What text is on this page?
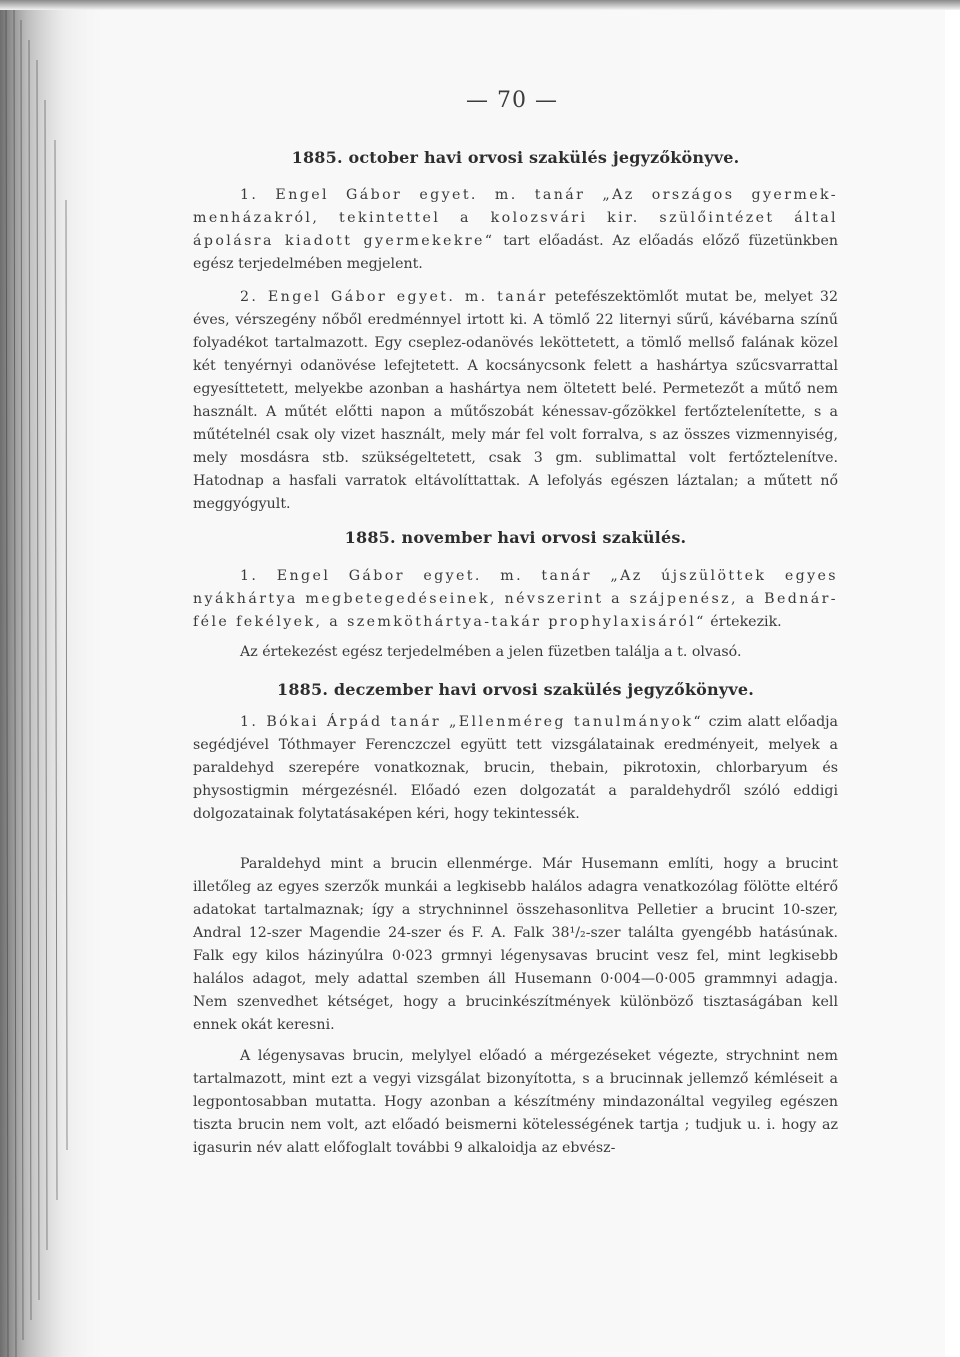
— 70 —
1885. october havi orvosi szakülés jegyzőkönyve.

1. Engel Gábor egyet. m. tanár „Az országos gyermek-menházakról, tekintettel a kolozsvári kir. szülőintézet által ápolásra kiadott gyermekekre“ tart előadást. Az előadás előző füzetünkben egész terjedelmében megjelent.

2. Engel Gábor egyet. m. tanár petefészektömlőt mutat be, melyet 32 éves, vérszegény nőből eredménnyel irtott ki. A tömlő 22 liternyi sűrű, kávébarna színű folyadékot tartalmazott. Egy cseplez-odanövés leköttetett, a tömlő mellső falának közel két tenyérnyi odanövése lefejtetett. A kocsánycsonk felett a hashártya szűcsvarrattal egyesíttetett, melyekbe azonban a hashártya nem öltetett belé. Permetezőt a műtő nem használt. A műtét előtti napon a műtőszobát kénessav-gőzökkel fertőztelenítette, s a műtételnél csak oly vizet használt, mely már fel volt forralva, s az összes vizmennyiség, mely mosdásra stb. szükségeltetett, csak 3 gm. sublimattal volt fertőztelenítve. Hatodnap a hasfali varratok eltávolíttattak. A lefolyás egészen láztalan; a műtett nő meggyógyult.

1885. november havi orvosi szakülés.

1. Engel Gábor egyet. m. tanár „Az újszülöttek egyes nyákhártya megbetegedéseinek, névszerint a szájpenész, a Bednár-féle fekélyek, a szemköthártya-takár prophylaxisáról“ értekezik.

Az értekezést egész terjedelmében a jelen füzetben találja a t. olvasó.

1885. deczember havi orvosi szakülés jegyzőkönyve.

1. Bókai Árpád tanár „Ellenméreg tanulmányok“ czim alatt előadja segédjével Tóthmayer Ferenczczel együtt tett vizsgálatainak eredményeit, melyek a paraldehyd szerepére vonatkoznak, brucin, thebain, pikrotoxin, chlorbaryum és physostigmin mérgezésnél. Előadó ezen dolgozatát a paraldehydről szóló eddigi dolgozatainak folytatásaképen kéri, hogy tekintessék.

Paraldehyd mint a brucin ellenmérge. Már Husemann említi, hogy a brucint illetőleg az egyes szerzők munkái a legkisebb halálos adagra venatkozólag fölötte eltérő adatokat tartalmaznak; így a strychninnel összehasonlitva Pelletier a brucint 10-szer, Andral 12-szer Magendie 24-szer és F. A. Falk 38¹/₂-szer találta gyengébb hatásúnak. Falk egy kilos házinyúlra 0·023 grmnyi légenysavas brucint vesz fel, mint legkisebb halálos adagot, mely adattal szemben áll Husemann 0·004—0·005 grammnyi adagja. Nem szenvedhet kétséget, hogy a brucinkészítmények különböző tisztaságában kell ennek okát keresni.

A légenysavas brucin, melylyel előadó a mérgezéseket végezte, strychnint nem tartalmazott, mint ezt a vegyi vizsgálat bizonyította, s a brucinnak jellemző kémléseit a legpontosabban mutatta. Hogy azonban a készítmény mindazonáltal vegyileg egészen tiszta brucin nem volt, azt előadó beismerni kötelességének tartja ; tudjuk u. i. hogy az igasurin név alatt előfoglalt további 9 alkaloidja az ebvész-
